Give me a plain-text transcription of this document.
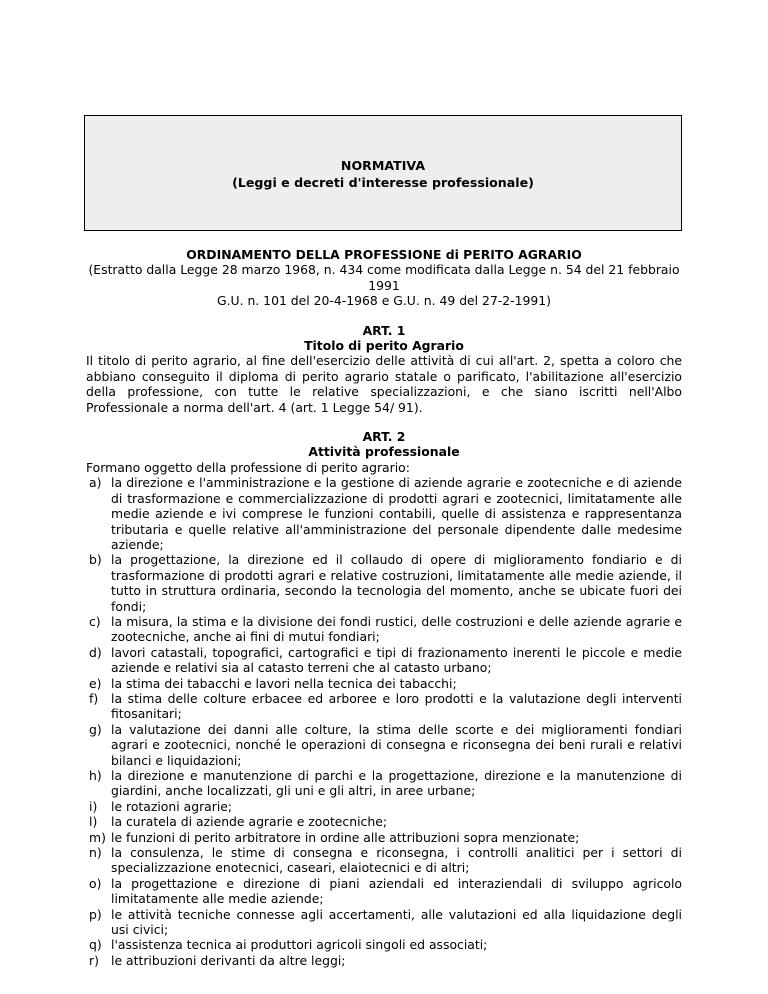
NORMATIVA
(Leggi e decreti d'interesse professionale)
ORDINAMENTO DELLA PROFESSIONE di PERITO AGRARIO
(Estratto dalla Legge 28 marzo 1968, n. 434 come modificata dalla Legge n. 54 del 21 febbraio
1991
G.U. n. 101 del 20-4-1968 e G.U. n. 49 del 27-2-1991)
ART. 1
Titolo di perito Agrario

Il titolo di perito agrario, al fine dell'esercizio delle attività di cui all'art. 2, spetta a coloro che abbiano conseguito il diploma di perito agrario statale o parificato, l'abilitazione all'esercizio della professione, con tutte le relative specializzazioni, e che siano iscritti nell'Albo Professionale a norma dell'art. 4 (art. 1 Legge 54/ 91).

ART. 2
Attività professionale

Formano oggetto della professione di perito agrario:

a) la direzione e l'amministrazione e la gestione di aziende agrarie e zootecniche e di aziende di trasformazione e commercializzazione di prodotti agrari e zootecnici, limitatamente alle medie aziende e ivi comprese le funzioni contabili, quelle di assistenza e rappresentanza tributaria e quelle relative all'amministrazione del personale dipendente dalle medesime aziende;
b) la progettazione, la direzione ed il collaudo di opere di miglioramento fondiario e di trasformazione di prodotti agrari e relative costruzioni, limitatamente alle medie aziende, il tutto in struttura ordinaria, secondo la tecnologia del momento, anche se ubicate fuori dei fondi;
c) la misura, la stima e la divisione dei fondi rustici, delle costruzioni e delle aziende agrarie e zootecniche, anche ai fini di mutui fondiari;
d) lavori catastali, topografici, cartografici e tipi di frazionamento inerenti le piccole e medie aziende e relativi sia al catasto terreni che al catasto urbano;
e) la stima dei tabacchi e lavori nella tecnica dei tabacchi;
f) la stima delle colture erbacee ed arboree e loro prodotti e la valutazione degli interventi fitosanitari;
g) la valutazione dei danni alle colture, la stima delle scorte e dei miglioramenti fondiari agrari e zootecnici, nonché le operazioni di consegna e riconsegna dei beni rurali e relativi bilanci e liquidazioni;
h) la direzione e manutenzione di parchi e la progettazione, direzione e la manutenzione di giardini, anche localizzati, gli uni e gli altri, in aree urbane;
i) le rotazioni agrarie;
l) la curatela di aziende agrarie e zootecniche;
m) le funzioni di perito arbitratore in ordine alle attribuzioni sopra menzionate;
n) la consulenza, le stime di consegna e riconsegna, i controlli analitici per i settori di specializzazione enotecnici, caseari, elaiotecnici e di altri;
o) la progettazione e direzione di piani aziendali ed interaziendali di sviluppo agricolo limitatamente alle medie aziende;
p) le attività tecniche connesse agli accertamenti, alle valutazioni ed alla liquidazione degli usi civici;
q) l'assistenza tecnica ai produttori agricoli singoli ed associati;
r) le attribuzioni derivanti da altre leggi;
